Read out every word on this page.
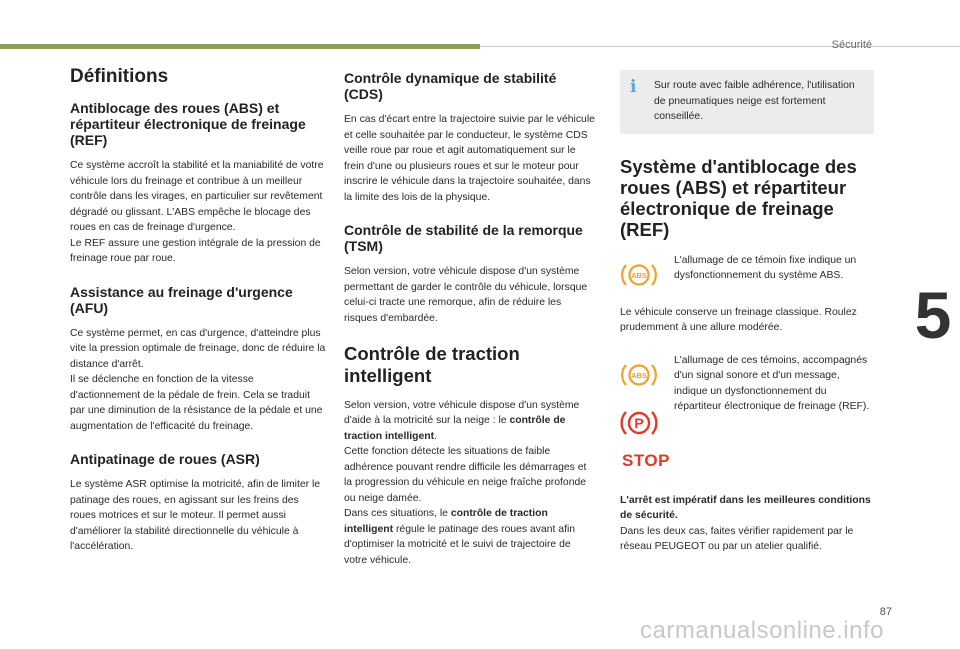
Sécurité
5
87
carmanualsonline.info
Définitions
Antiblocage des roues (ABS) et répartiteur électronique de freinage (REF)

Ce système accroît la stabilité et la maniabilité de votre véhicule lors du freinage et contribue à un meilleur contrôle dans les virages, en particulier sur revêtement dégradé ou glissant. L'ABS empêche le blocage des roues en cas de freinage d'urgence.
Le REF assure une gestion intégrale de la pression de freinage roue par roue.

Assistance au freinage d'urgence (AFU)

Ce système permet, en cas d'urgence, d'atteindre plus vite la pression optimale de freinage, donc de réduire la distance d'arrêt.
Il se déclenche en fonction de la vitesse d'actionnement de la pédale de frein. Cela se traduit par une diminution de la résistance de la pédale et une augmentation de l'efficacité du freinage.

Antipatinage de roues (ASR)

Le système ASR optimise la motricité, afin de limiter le patinage des roues, en agissant sur les freins des roues motrices et sur le moteur. Il permet aussi d'améliorer la stabilité directionnelle du véhicule à l'accélération.

Contrôle dynamique de stabilité (CDS)

En cas d'écart entre la trajectoire suivie par le véhicule et celle souhaitée par le conducteur, le système CDS veille roue par roue et agit automatiquement sur le frein d'une ou plusieurs roues et sur le moteur pour inscrire le véhicule dans la trajectoire souhaitée, dans la limite des lois de la physique.

Contrôle de stabilité de la remorque (TSM)

Selon version, votre véhicule dispose d'un système permettant de garder le contrôle du véhicule, lorsque celui-ci tracte une remorque, afin de réduire les risques d'embardée.

Contrôle de traction intelligent

Selon version, votre véhicule dispose d'un système d'aide à la motricité sur la neige : le contrôle de traction intelligent.
Cette fonction détecte les situations de faible adhérence pouvant rendre difficile les démarrages et la progression du véhicule en neige fraîche profonde ou neige damée.
Dans ces situations, le contrôle de traction intelligent régule le patinage des roues avant afin d'optimiser la motricité et le suivi de trajectoire de votre véhicule.

i	Sur route avec faible adhérence, l'utilisation de pneumatiques neige est fortement conseillée.
Système d'antiblocage des roues (ABS) et répartiteur électronique de freinage (REF)
ABS
L'allumage de ce témoin fixe indique un dysfonctionnement du système ABS.

Le véhicule conserve un freinage classique. Roulez prudemment à une allure modérée.

ABS
P
L'allumage de ces témoins, accompagnés d'un signal sonore et d'un message, indique un dysfonctionnement du répartiteur électronique de freinage (REF).
STOP

L'arrêt est impératif dans les meilleures conditions de sécurité.
Dans les deux cas, faites vérifier rapidement par le réseau PEUGEOT ou par un atelier qualifié.
